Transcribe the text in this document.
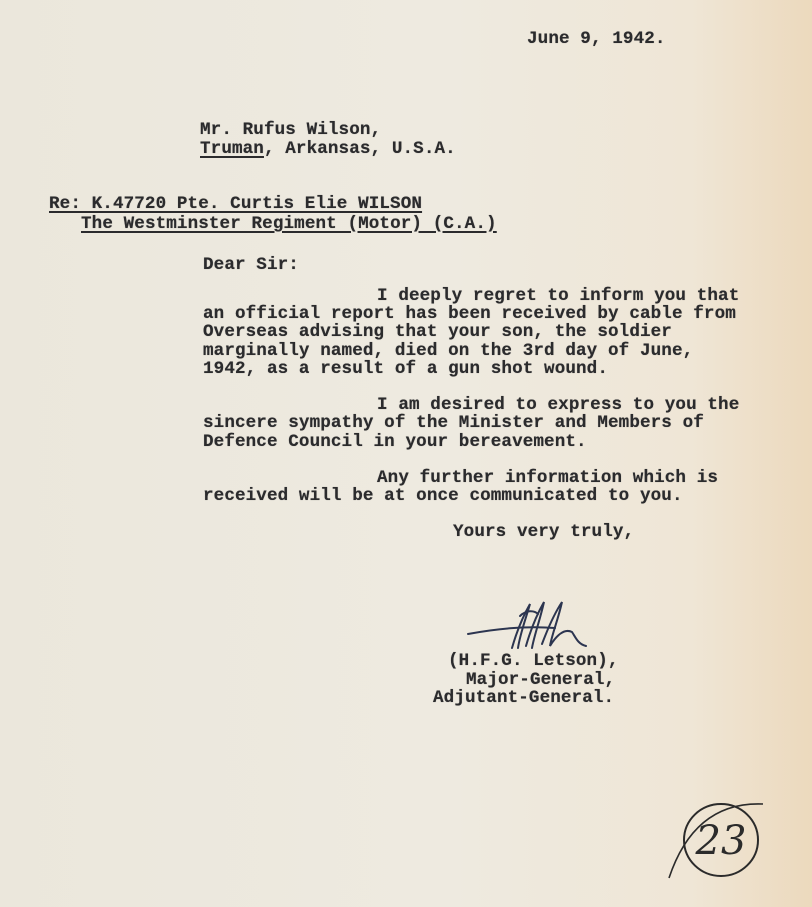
June 9, 1942.
Mr. Rufus Wilson,
Truman, Arkansas, U.S.A.
Re: K.47720 Pte. Curtis Elie WILSON
The Westminster Regiment (Motor) (C.A.)
Dear Sir:
I deeply regret to inform you that
an official report has been received by cable from
Overseas advising that your son, the soldier
marginally named, died on the 3rd day of June,
1942, as a result of a gun shot wound.
I am desired to express to you the
sincere sympathy of the Minister and Members of
Defence Council in your bereavement.
Any further information which is
received will be at once communicated to you.
Yours very truly,
(H.F.G. Letson),
Major-General,
Adjutant-General.
23
